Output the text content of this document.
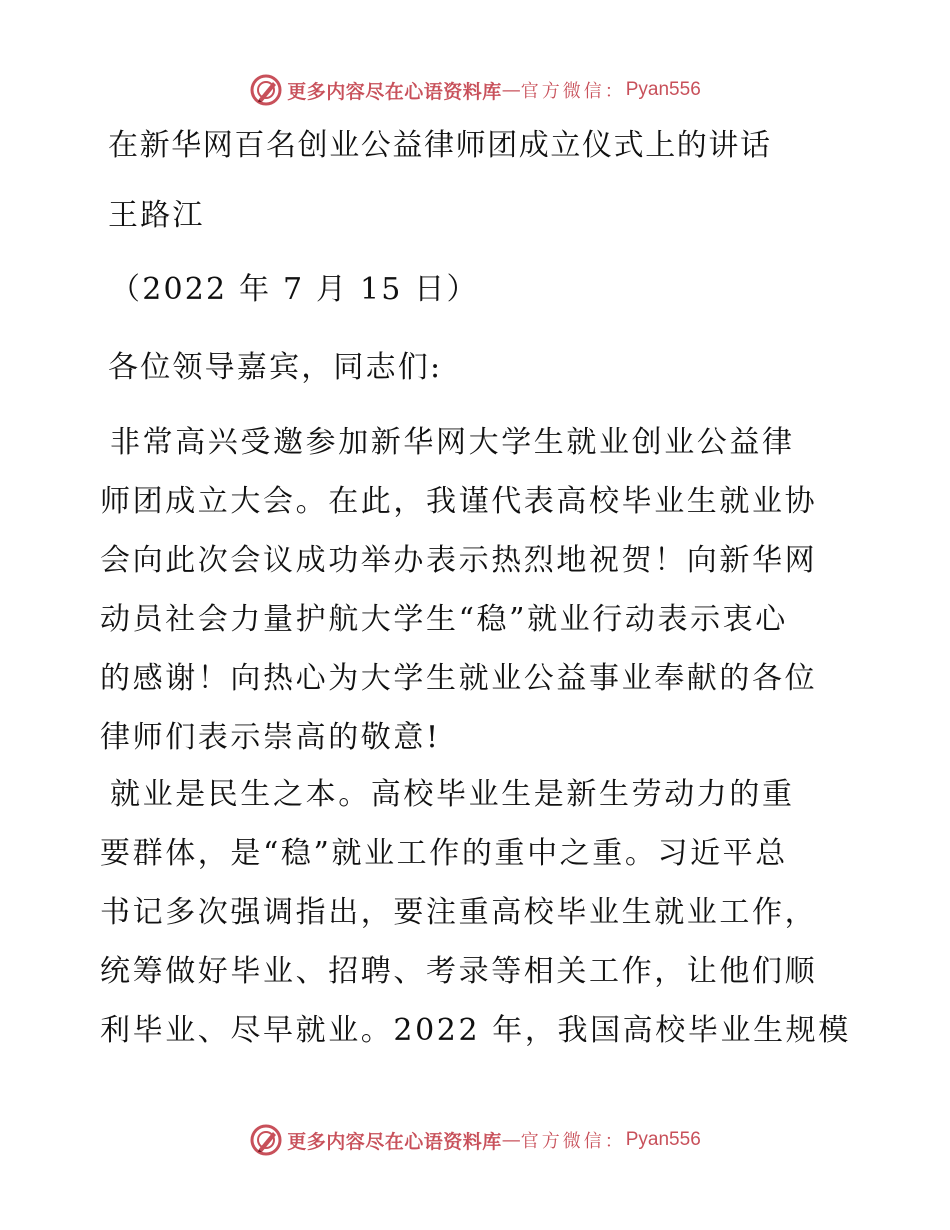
更多内容尽在心语资料库 — 官方微信： Pyan556

在新华网百名创业公益律师团成立仪式上的讲话

王路江

（2022 年 7 月 15 日）

各位领导嘉宾，同志们:

非常高兴受邀参加新华网大学生就业创业公益律
师团成立大会。在此，我谨代表高校毕业生就业协
会向此次会议成功举办表示热烈地祝贺！向新华网
动员社会力量护航大学生“稳”就业行动表示衷心
的感谢！向热心为大学生就业公益事业奉献的各位
律师们表示崇高的敬意!
就业是民生之本。高校毕业生是新生劳动力的重
要群体，是“稳”就业工作的重中之重。习近平总
书记多次强调指出，要注重高校毕业生就业工作，
统筹做好毕业、招聘、考录等相关工作，让他们顺
利毕业、尽早就业。2022 年，我国高校毕业生规模
更多内容尽在心语资料库 — 官方微信： Pyan556
